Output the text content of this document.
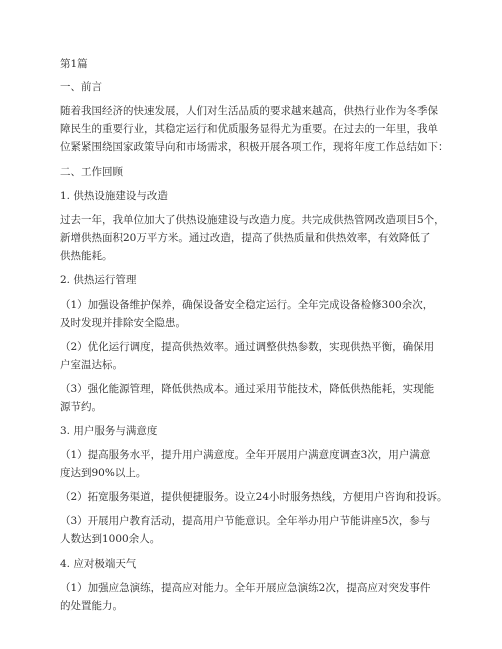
第1篇

一、前言

随着我国经济的快速发展，人们对生活品质的要求越来越高，供热行业作为冬季保

障民生的重要行业，其稳定运行和优质服务显得尤为重要。在过去的一年里，我单

位紧紧围绕国家政策导向和市场需求，积极开展各项工作，现将年度工作总结如下：

二、工作回顾

1. 供热设施建设与改造

过去一年，我单位加大了供热设施建设与改造力度。共完成供热管网改造项目5个，

新增供热面积20万平方米。通过改造，提高了供热质量和供热效率，有效降低了

供热能耗。

2. 供热运行管理

（1）加强设备维护保养，确保设备安全稳定运行。全年完成设备检修300余次，

及时发现并排除安全隐患。

（2）优化运行调度，提高供热效率。通过调整供热参数，实现供热平衡，确保用

户室温达标。

（3）强化能源管理，降低供热成本。通过采用节能技术，降低供热能耗，实现能

源节约。

3. 用户服务与满意度

（1）提高服务水平，提升用户满意度。全年开展用户满意度调查3次，用户满意

度达到90%以上。

（2）拓宽服务渠道，提供便捷服务。设立24小时服务热线，方便用户咨询和投诉。

（3）开展用户教育活动，提高用户节能意识。全年举办用户节能讲座5次，参与

人数达到1000余人。

4. 应对极端天气

（1）加强应急演练，提高应对能力。全年开展应急演练2次，提高应对突发事件

的处置能力。
